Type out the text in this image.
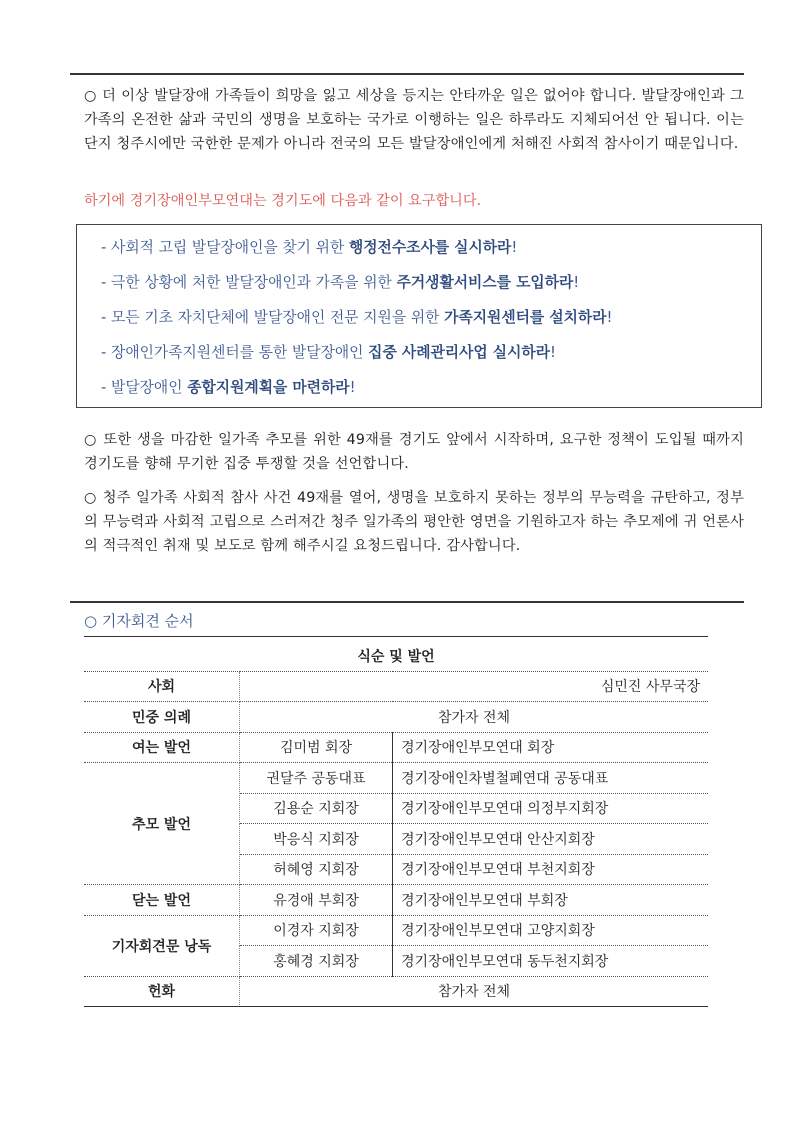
○ 더 이상 발달장애 가족들이 희망을 잃고 세상을 등지는 안타까운 일은 없어야 합니다. 발달장애인과 그 가족의 온전한 삶과 국민의 생명을 보호하는 국가로 이행하는 일은 하루라도 지체되어선 안 됩니다. 이는 단지 청주시에만 국한한 문제가 아니라 전국의 모든 발달장애인에게 처해진 사회적 참사이기 때문입니다.
하기에 경기장애인부모연대는 경기도에 다음과 같이 요구합니다.
- 사회적 고립 발달장애인을 찾기 위한 행정전수조사를 실시하라!
- 극한 상황에 처한 발달장애인과 가족을 위한 주거생활서비스를 도입하라!
- 모든 기초 자치단체에 발달장애인 전문 지원을 위한 가족지원센터를 설치하라!
- 장애인가족지원센터를 통한 발달장애인 집중 사례관리사업 실시하라!
- 발달장애인 종합지원계획을 마련하라!
○ 또한 생을 마감한 일가족 추모를 위한 49재를 경기도 앞에서 시작하며, 요구한 정책이 도입될 때까지 경기도를 향해 무기한 집중 투쟁할 것을 선언합니다.
○ 청주 일가족 사회적 참사 사건 49재를 열어, 생명을 보호하지 못하는 정부의 무능력을 규탄하고, 정부의 무능력과 사회적 고립으로 스러져간 청주 일가족의 평안한 영면을 기원하고자 하는 추모제에 귀 언론사의 적극적인 취재 및 보도로 함께 해주시길 요청드립니다. 감사합니다.
○ 기자회견 순서
식순 및 발언		
사회	심민진 사무국장	
민중 의례	참가자 전체	
여는 발언	김미범 회장	경기장애인부모연대 회장
추모 발언	권달주 공동대표	경기장애인차별철폐연대 공동대표
	김용순 지회장	경기장애인부모연대 의정부지회장
	박응식 지회장	경기장애인부모연대 안산지회장
	허혜영 지회장	경기장애인부모연대 부천지회장
닫는 발언	유경애 부회장	경기장애인부모연대 부회장
기자회견문 낭독	이경자 지회장	경기장애인부모연대 고양지회장
	홍혜경 지회장	경기장애인부모연대 동두천지회장
헌화	참가자 전체	
